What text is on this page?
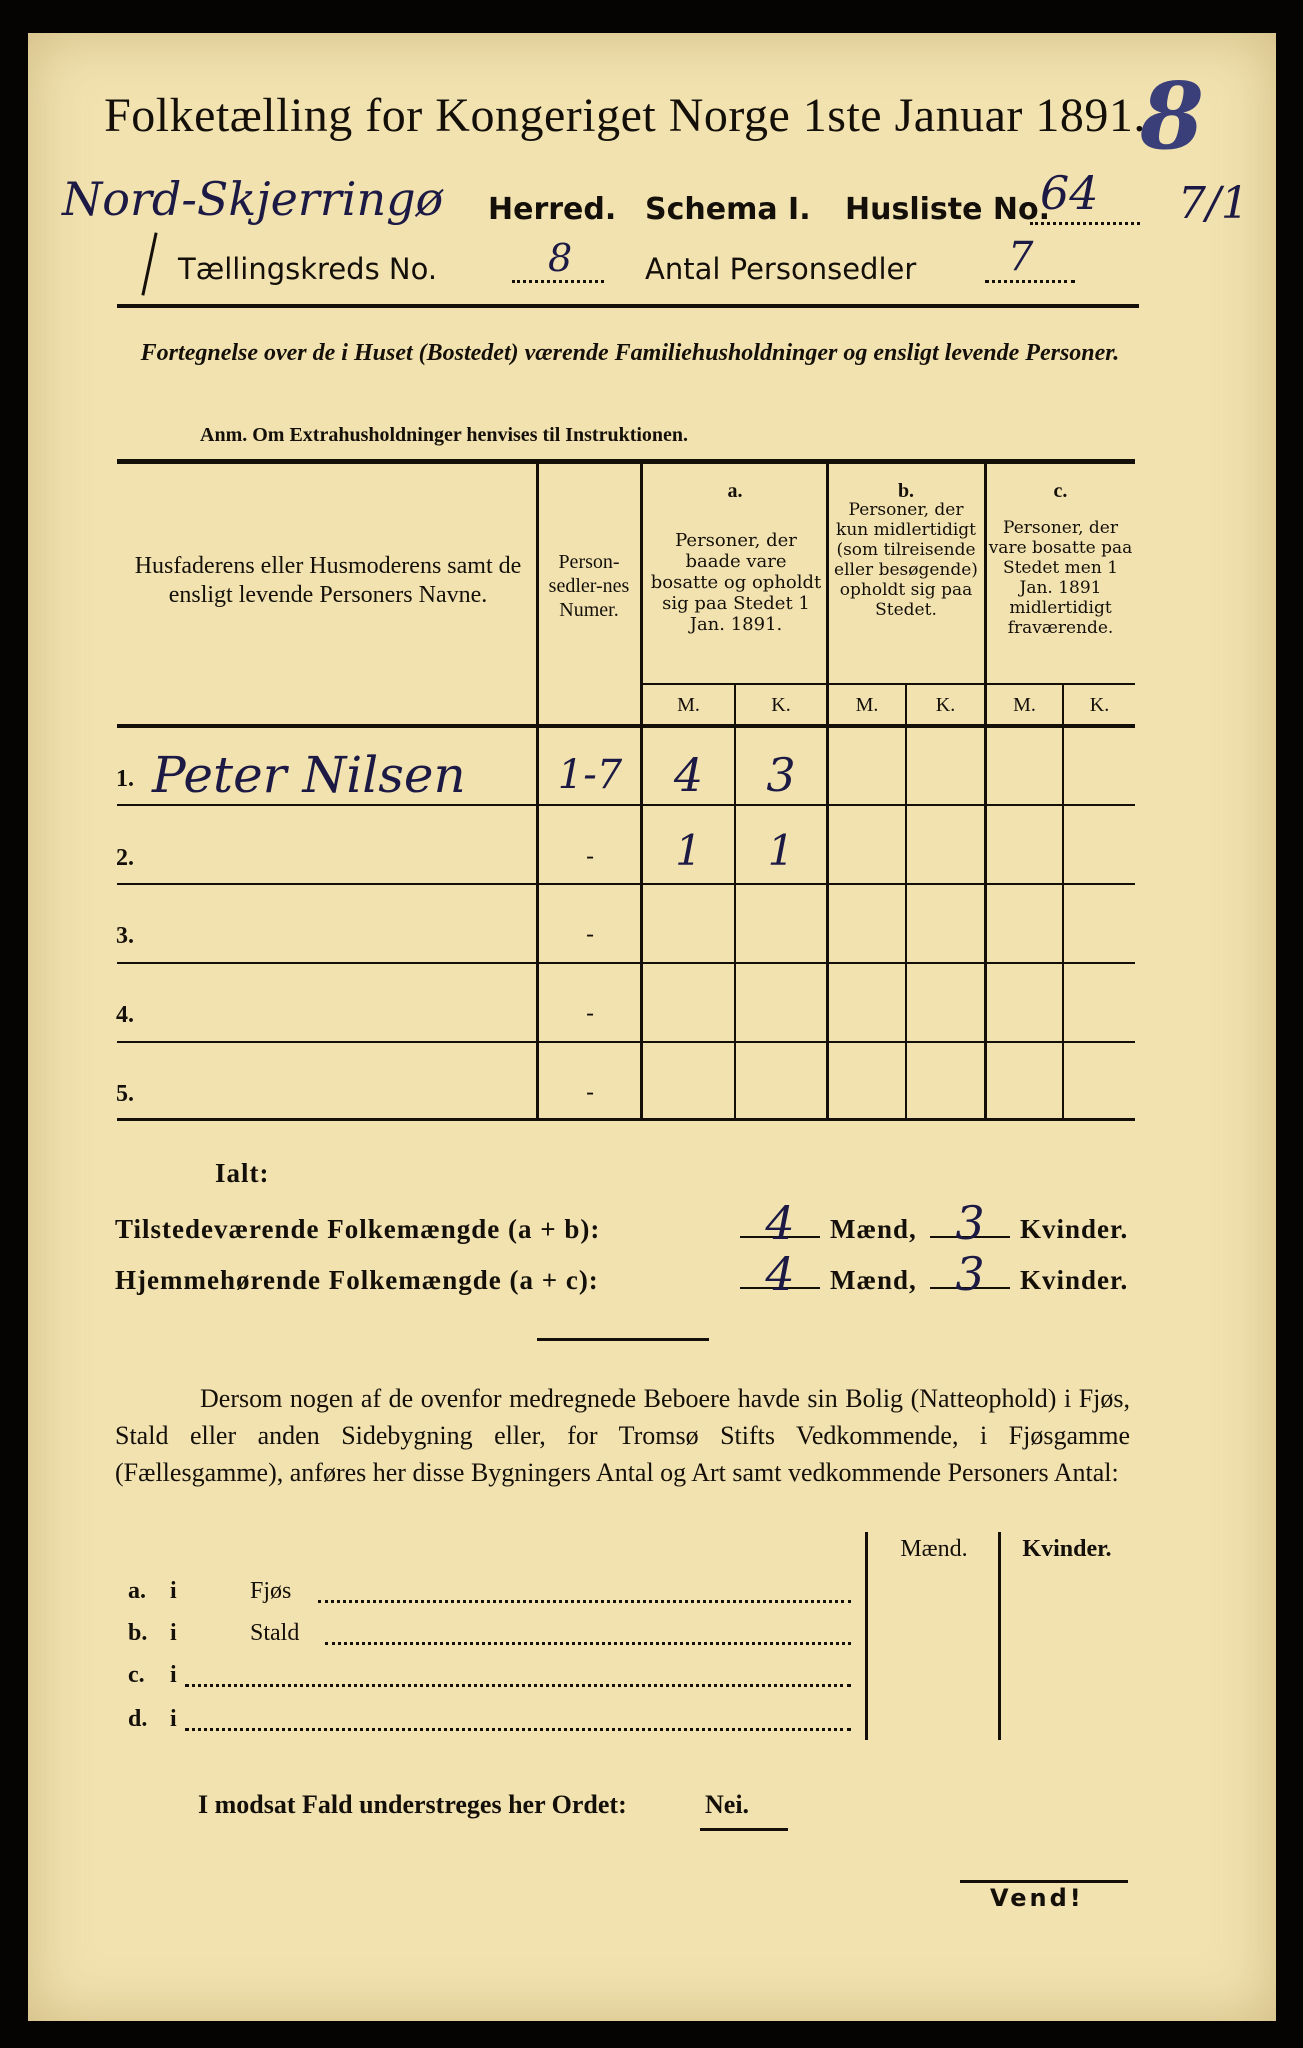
Folketælling for Kongeriget Norge 1ste Januar 1891.
8
Nord-Skjerringø Herred. Schema I. Husliste No.
64 7/1
Tællingskreds No.	8	Antal Personsedler 7
Fortegnelse over de i Huset (Bostedet) værende Familiehusholdninger og ensligt levende Personer.
Anm. Om Extrahusholdninger henvises til Instruktionen.
Husfaderens eller Husmoderens samt de ensligt levende Personers Navne.
Person-sedler-nes Numer.
a.
Personer, der baade vare bosatte og opholdt sig paa Stedet 1 Jan. 1891.
b.
Personer, der kun midlertidigt (som tilreisende eller besøgende) opholdt sig paa Stedet.
c.
Personer, der vare bosatte paa Stedet men 1 Jan. 1891 midlertidigt fraværende.
M.	K.	M.	K.	M.	K.
1. Peter Nilsen	1-7	4	3
2.	-	1	1
3.	-
4.	-
5.	-
Ialt:
Tilstedeværende Folkemængde (a + b):	4	Mænd, 3	Kvinder.
Hjemmehørende Folkemængde (a + c):	4	Mænd, 3	Kvinder.
Dersom nogen af de ovenfor medregnede Beboere havde sin Bolig (Natteophold) i Fjøs, Stald eller anden Sidebygning eller, for Tromsø Stifts Vedkommende, i Fjøsgamme (Fællesgamme), anføres her disse Bygningers Antal og Art samt vedkommende Personers Antal:
Mænd.	Kvinder.
a. i	Fjøs
b. i	Stald
c. i
d. i
I modsat Fald understreges her Ordet:	Nei.
Vend!
